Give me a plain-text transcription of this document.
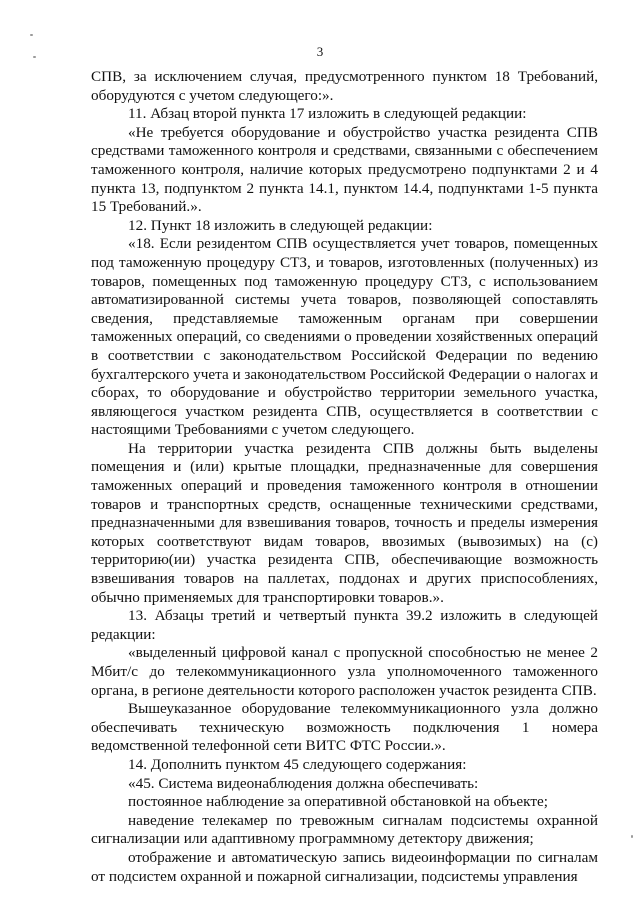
3

СПВ, за исключением случая, предусмотренного пунктом 18 Требований, оборудуются с учетом следующего:».

11. Абзац второй пункта 17 изложить в следующей редакции:

«Не требуется оборудование и обустройство участка резидента СПВ средствами таможенного контроля и средствами, связанными с обеспечением таможенного контроля, наличие которых предусмотрено подпунктами 2 и 4 пункта 13, подпунктом 2 пункта 14.1, пунктом 14.4, подпунктами 1-5 пункта 15 Требований.».

12. Пункт 18 изложить в следующей редакции:

«18. Если резидентом СПВ осуществляется учет товаров, помещенных под таможенную процедуру СТЗ, и товаров, изготовленных (полученных) из товаров, помещенных под таможенную процедуру СТЗ, с использованием автоматизированной системы учета товаров, позволяющей сопоставлять сведения, представляемые таможенным органам при совершении таможенных операций, со сведениями о проведении хозяйственных операций в соответствии с законодательством Российской Федерации по ведению бухгалтерского учета и законодательством Российской Федерации о налогах и сборах, то оборудование и обустройство территории земельного участка, являющегося участком резидента СПВ, осуществляется в соответствии с настоящими Требованиями с учетом следующего.

На территории участка резидента СПВ должны быть выделены помещения и (или) крытые площадки, предназначенные для совершения таможенных операций и проведения таможенного контроля в отношении товаров и транспортных средств, оснащенные техническими средствами, предназначенными для взвешивания товаров, точность и пределы измерения которых соответствуют видам товаров, ввозимых (вывозимых) на (с) территорию(ии) участка резидента СПВ, обеспечивающие возможность взвешивания товаров на паллетах, поддонах и других приспособлениях, обычно применяемых для транспортировки товаров.».

13. Абзацы третий и четвертый пункта 39.2 изложить в следующей редакции:

«выделенный цифровой канал с пропускной способностью не менее 2 Мбит/с до телекоммуникационного узла уполномоченного таможенного органа, в регионе деятельности которого расположен участок резидента СПВ.

Вышеуказанное оборудование телекоммуникационного узла должно обеспечивать техническую возможность подключения 1 номера ведомственной телефонной сети ВИТС ФТС России.».

14. Дополнить пунктом 45 следующего содержания:

«45. Система видеонаблюдения должна обеспечивать:

постоянное наблюдение за оперативной обстановкой на объекте;

наведение телекамер по тревожным сигналам подсистемы охранной сигнализации или адаптивному программному детектору движения;

отображение и автоматическую запись видеоинформации по сигналам от подсистем охранной и пожарной сигнализации, подсистемы управления
